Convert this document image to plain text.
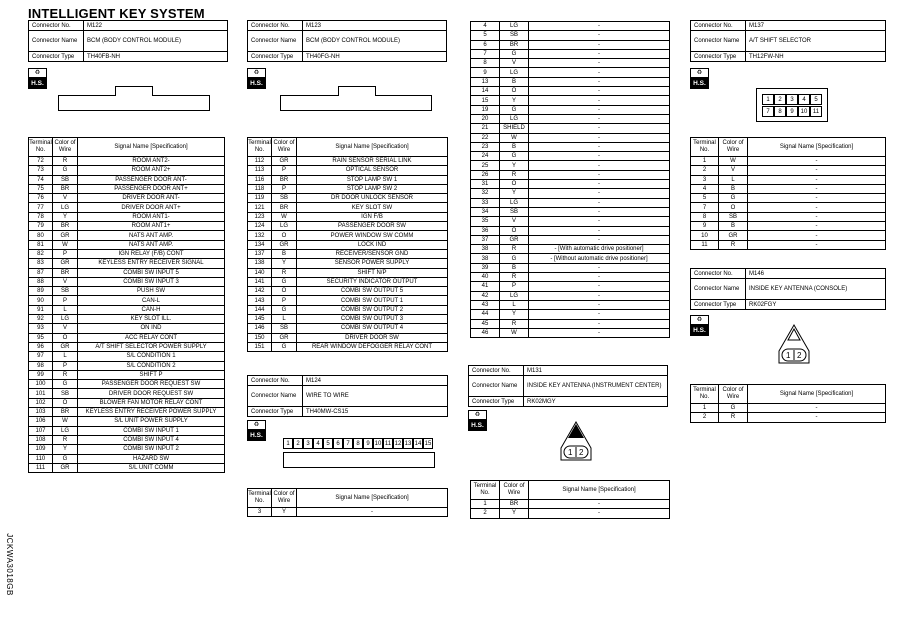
INTELLIGENT KEY SYSTEM
JCKWA3018GB
Connector No.	M122
Connector Name	BCM (BODY CONTROL MODULE)
Connector Type	TH40FB-NH
♻
H.S.
Terminal No.	Color of Wire	Signal Name [Specification]
72	R	ROOM ANT2-
73	G	ROOM ANT2+
74	SB	PASSENGER DOOR ANT-
75	BR	PASSENGER DOOR ANT+
76	V	DRIVER DOOR ANT-
77	LG	DRIVER DOOR ANT+
78	Y	ROOM ANT1-
79	BR	ROOM ANT1+
80	GR	NATS ANT AMP.
81	W	NATS ANT AMP.
82	P	IGN RELAY (F/B) CONT
83	GR	KEYLESS ENTRY RECEIVER SIGNAL
87	BR	COMBI SW INPUT 5
88	V	COMBI SW INPUT 3
89	SB	PUSH SW
90	P	CAN-L
91	L	CAN-H
92	LG	KEY SLOT ILL.
93	V	ON IND
95	O	ACC RELAY CONT
96	GR	A/T SHIFT SELECTOR POWER SUPPLY
97	L	S/L CONDITION 1
98	P	S/L CONDITION 2
99	R	SHIFT P
100	G	PASSENGER DOOR REQUEST SW
101	SB	DRIVER DOOR REQUEST SW
102	O	BLOWER FAN MOTOR RELAY CONT
103	BR	KEYLESS ENTRY RECEIVER POWER SUPPLY
106	W	S/L UNIT POWER SUPPLY
107	LG	COMBI SW INPUT 1
108	R	COMBI SW INPUT 4
109	Y	COMBI SW INPUT 2
110	G	HAZARD SW
111	GR	S/L UNIT COMM
Connector No.	M123
Connector Name	BCM (BODY CONTROL MODULE)
Connector Type	TH40FG-NH
♻
H.S.
Terminal No.	Color of Wire	Signal Name [Specification]
112	GR	RAIN SENSOR SERIAL LINK
113	P	OPTICAL SENSOR
116	BR	STOP LAMP SW 1
118	P	STOP LAMP SW 2
119	SB	DR DOOR UNLOCK SENSOR
121	BR	KEY SLOT SW
123	W	IGN F/B
124	LG	PASSENGER DOOR SW
132	O	POWER WINDOW SW COMM
134	GR	LOCK IND
137	B	RECEIVER/SENSOR GND
138	Y	SENSOR POWER SUPPLY
140	R	SHIFT N/P
141	G	SECURITY INDICATOR OUTPUT
142	O	COMBI SW OUTPUT 5
143	P	COMBI SW OUTPUT 1
144	G	COMBI SW OUTPUT 2
145	L	COMBI SW OUTPUT 3
146	SB	COMBI SW OUTPUT 4
150	GR	DRIVER DOOR SW
151	G	REAR WINDOW DEFOGGER RELAY CONT
Connector No.	M124
Connector Name	WIRE TO WIRE
Connector Type	TH40MW-CS15
♻
H.S.
1	2	3	4	5	6	7	8	9 10 11 12 13 14 15
Terminal No.	Color of Wire	Signal Name [Specification]
3	Y	-
4	LG	-
5	SB	-
6	BR	-
7	G	-
8	V	-
9	LG	-
13	B	-
14	O	-
15	Y	-
19	G	-
20	LG	-
21	SHIELD	-
22	W	-
23	B	-
24	G	-
25	Y	-
26	R	-
31	O	-
32	Y	-
33	LG	-
34	SB	-
35	V	-
36	O	-
37	GR	-
38	R	- [With automatic drive positioner]
38	G	- [Without automatic drive positioner]
39	B	-
40	R	-
41	P	-
42	LG	-
43	L	-
44	Y	-
45	R	-
46	W	-
Connector No.	M131
Connector Name	INSIDE KEY ANTENNA (INSTRUMENT CENTER)
Connector Type	RK02MGY
♻
H.S.
1 2
Terminal No.	Color of Wire	Signal Name [Specification]
1	BR	-
2	Y	-
Connector No.	M137
Connector Name	A/T SHIFT SELECTOR
Connector Type	TH12FW-NH
♻
H.S.
1	2	3	4	5
7	8	9	10 11
Terminal No.	Color of Wire	Signal Name [Specification]
1	W	-
2	V	-
3	L	-
4	B	-
5	G	-
7	O	-
8	SB	-
9	B	-
10	GR	-
11	R	-
Connector No.	M146
Connector Name	INSIDE KEY ANTENNA (CONSOLE)
Connector Type	RK02FGY
♻
H.S.
1 2
Terminal No.	Color of Wire	Signal Name [Specification]
1	G	-
2	R	-
